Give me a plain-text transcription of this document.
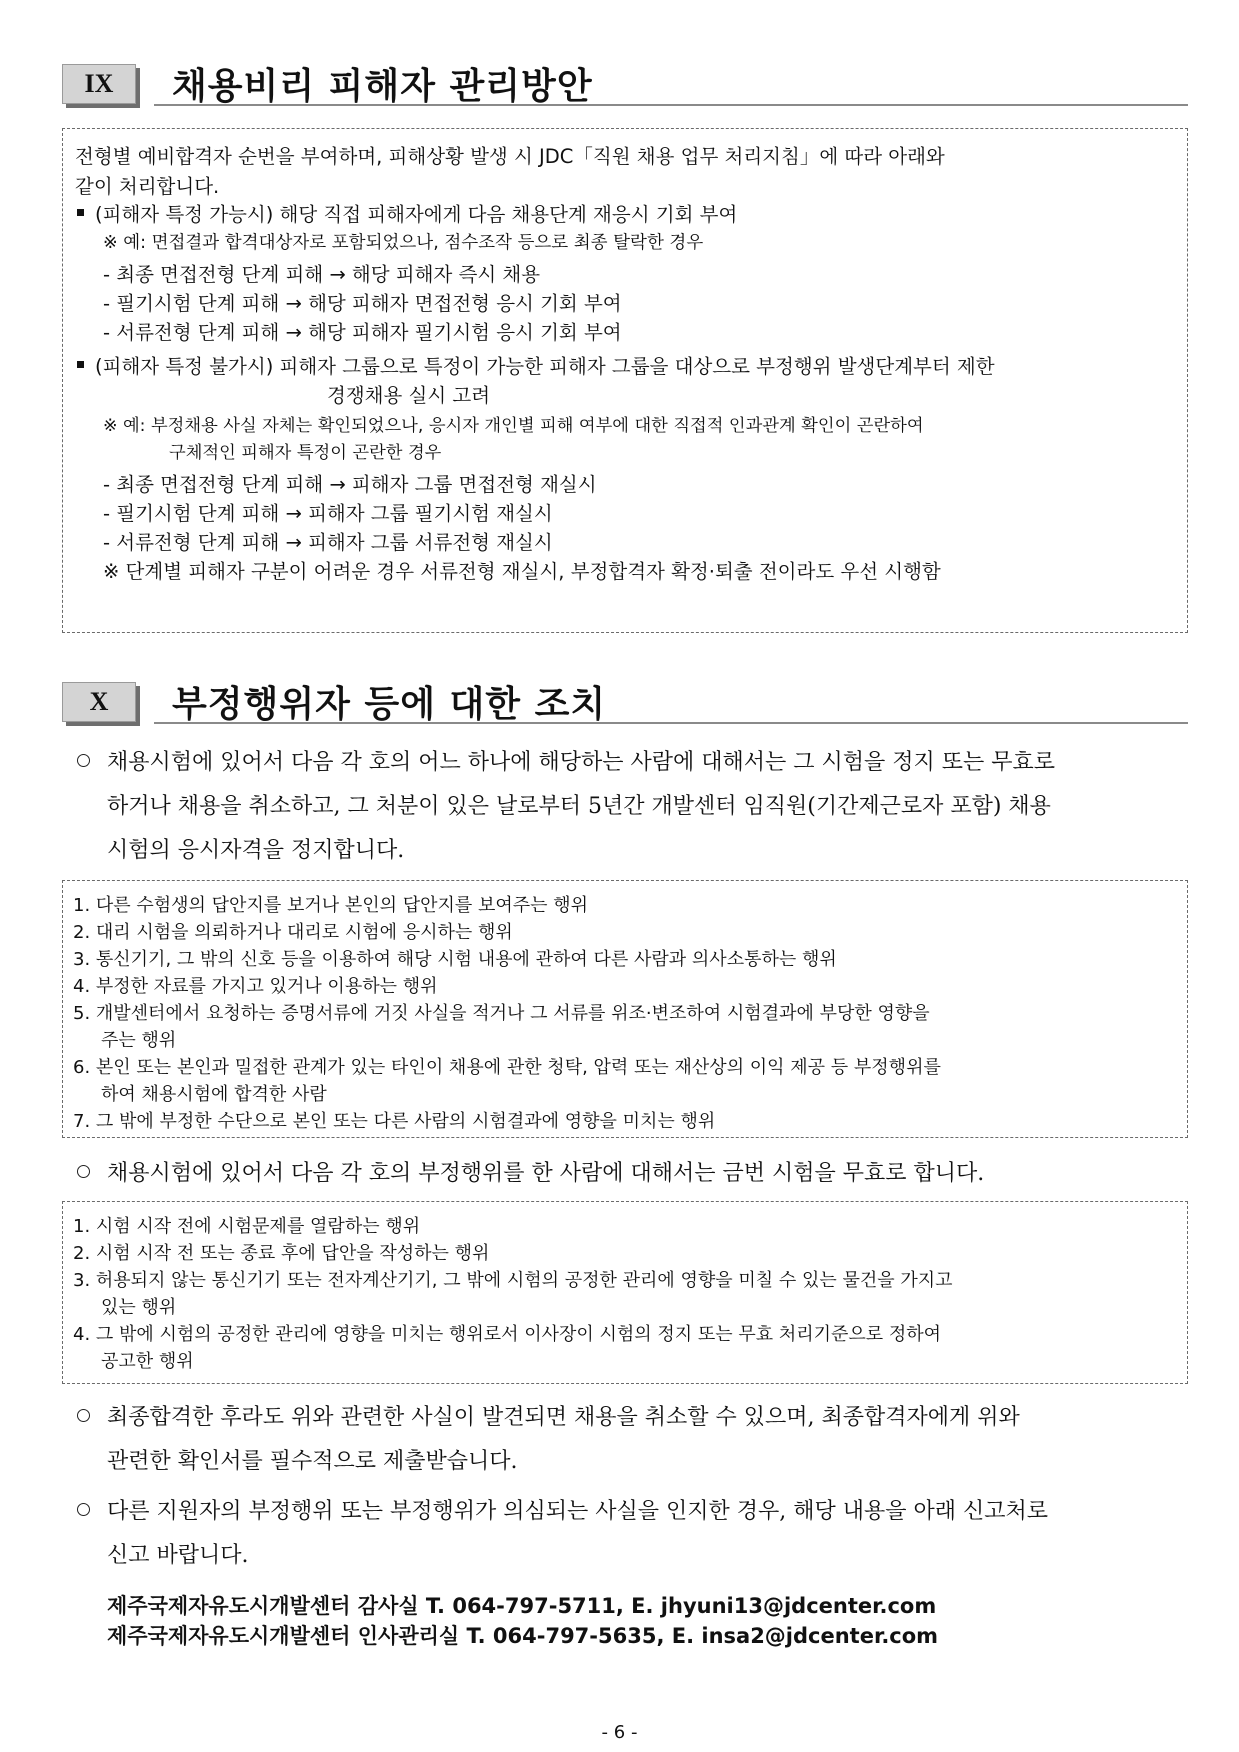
IX	채용비리 피해자 관리방안
전형별 예비합격자 순번을 부여하며, 피해상황 발생 시 JDC「직원 채용 업무 처리지침」에 따라 아래와
같이 처리합니다.
(피해자 특정 가능시) 해당 직접 피해자에게 다음 채용단계 재응시 기회 부여
※ 예: 면접결과 합격대상자로 포함되었으나, 점수조작 등으로 최종 탈락한 경우
- 최종 면접전형 단계 피해 → 해당 피해자 즉시 채용
- 필기시험 단계 피해 → 해당 피해자 면접전형 응시 기회 부여
- 서류전형 단계 피해 → 해당 피해자 필기시험 응시 기회 부여
(피해자 특정 불가시) 피해자 그룹으로 특정이 가능한 피해자 그룹을 대상으로 부정행위 발생단계부터 제한
경쟁채용 실시 고려
※ 예: 부정채용 사실 자체는 확인되었으나, 응시자 개인별 피해 여부에 대한 직접적 인과관계 확인이 곤란하여
구체적인 피해자 특정이 곤란한 경우
- 최종 면접전형 단계 피해 → 피해자 그룹 면접전형 재실시
- 필기시험 단계 피해 → 피해자 그룹 필기시험 재실시
- 서류전형 단계 피해 → 피해자 그룹 서류전형 재실시
※ 단계별 피해자 구분이 어려운 경우 서류전형 재실시, 부정합격자 확정·퇴출 전이라도 우선 시행함
X	부정행위자 등에 대한 조치
채용시험에 있어서 다음 각 호의 어느 하나에 해당하는 사람에 대해서는 그 시험을 정지 또는 무효로
하거나 채용을 취소하고, 그 처분이 있은 날로부터 5년간 개발센터 임직원(기간제근로자 포함) 채용
시험의 응시자격을 정지합니다.
1. 다른 수험생의 답안지를 보거나 본인의 답안지를 보여주는 행위
2. 대리 시험을 의뢰하거나 대리로 시험에 응시하는 행위
3. 통신기기, 그 밖의 신호 등을 이용하여 해당 시험 내용에 관하여 다른 사람과 의사소통하는 행위
4. 부정한 자료를 가지고 있거나 이용하는 행위
5. 개발센터에서 요청하는 증명서류에 거짓 사실을 적거나 그 서류를 위조·변조하여 시험결과에 부당한 영향을
주는 행위
6. 본인 또는 본인과 밀접한 관계가 있는 타인이 채용에 관한 청탁, 압력 또는 재산상의 이익 제공 등 부정행위를
하여 채용시험에 합격한 사람
7. 그 밖에 부정한 수단으로 본인 또는 다른 사람의 시험결과에 영향을 미치는 행위
채용시험에 있어서 다음 각 호의 부정행위를 한 사람에 대해서는 금번 시험을 무효로 합니다.
1. 시험 시작 전에 시험문제를 열람하는 행위
2. 시험 시작 전 또는 종료 후에 답안을 작성하는 행위
3. 허용되지 않는 통신기기 또는 전자계산기기, 그 밖에 시험의 공정한 관리에 영향을 미칠 수 있는 물건을 가지고
있는 행위
4. 그 밖에 시험의 공정한 관리에 영향을 미치는 행위로서 이사장이 시험의 정지 또는 무효 처리기준으로 정하여
공고한 행위
최종합격한 후라도 위와 관련한 사실이 발견되면 채용을 취소할 수 있으며, 최종합격자에게 위와
관련한 확인서를 필수적으로 제출받습니다.
다른 지원자의 부정행위 또는 부정행위가 의심되는 사실을 인지한 경우, 해당 내용을 아래 신고처로
신고 바랍니다.
제주국제자유도시개발센터 감사실 T. 064-797-5711, E. jhyuni13@jdcenter.com
제주국제자유도시개발센터 인사관리실 T. 064-797-5635, E. insa2@jdcenter.com
- 6 -
